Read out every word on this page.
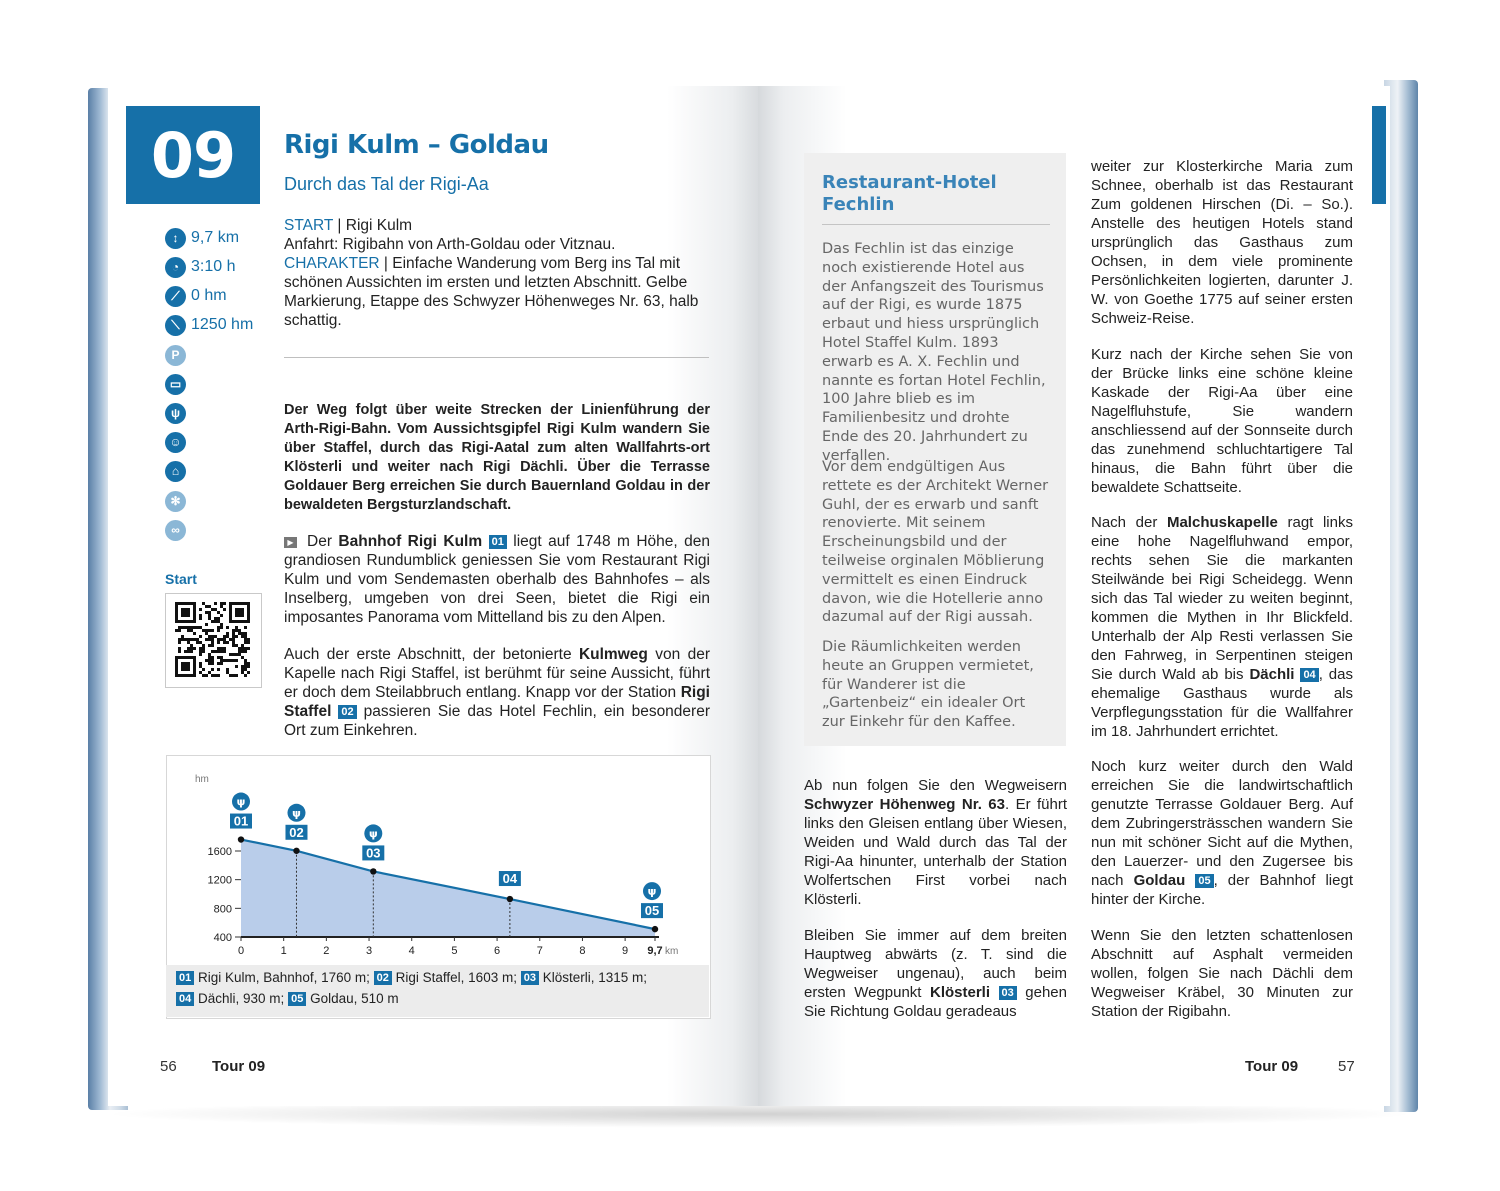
09	Rigi Kulm – Goldau
Durch das Tal der Rigi-Aa
↕ 9,7 km
◔ 3:10 h
⟋ 0 hm
⟍ 1250 hm
P
▭
ψ
☺
⌂
✻
∞
Start

START | Rigi Kulm

Anfahrt: Rigibahn von Arth-Goldau oder Vitznau.

CHARAKTER | Einfache Wanderung vom Berg ins Tal mit schönen Aussichten im ersten und letzten Abschnitt. Gelbe Markierung, Etappe des Schwyzer Höhenweges Nr. 63, halb schattig.

Der Weg folgt über weite Strecken der Linienführung der Arth-Rigi-Bahn. Vom Aussichtsgipfel Rigi Kulm wandern Sie über Staffel, durch das Rigi-Aatal zum alten Wallfahrts-ort Klösterli und weiter nach Rigi Dächli. Über die Terrasse Goldauer Berg erreichen Sie durch Bauernland Goldau in der bewaldeten Bergsturzlandschaft.
▶ Der Bahnhof Rigi Kulm 01 liegt auf 1748 m Höhe, den grandiosen Rundumblick geniessen Sie vom Restaurant Rigi Kulm und vom Sendemasten oberhalb des Bahnhofes – als Inselberg, umgeben von drei Seen, bietet die Rigi ein imposantes Panorama vom Mittelland bis zu den Alpen.
Auch der erste Abschnitt, der betonierte Kulmweg von der Kapelle nach Rigi Staffel, ist berühmt für seine Aussicht, führt er doch dem Steilabbruch entlang. Knapp vor der Station Rigi Staffel 02 passieren Sie das Hotel Fechlin, ein besonderer Ort zum Einkehren.
400
800
1200
1600
0	1	2	3	4	5	6	7	8	9 9,7 km
hm
01
ψ
02
ψ
03
ψ
04
05
ψ
01 Rigi Kulm, Bahnhof, 1760 m; 02 Rigi Staffel, 1603 m; 03 Klösterli, 1315 m;
04 Dächli, 930 m; 05 Goldau, 510 m
56 Tour 09
Restaurant-Hotel Fechlin
Das Fechlin ist das einzige noch existierende Hotel aus der Anfangszeit des Tourismus auf der Rigi, es wurde 1875 erbaut und hiess ursprünglich Hotel Staffel Kulm. 1893 erwarb es A. X. Fechlin und nannte es fortan Hotel Fechlin, 100 Jahre blieb es im Familienbesitz und drohte Ende des 20. Jahrhundert zu verfallen.
Vor dem endgültigen Aus rettete es der Architekt Werner Guhl, der es erwarb und sanft renovierte. Mit seinem Erscheinungsbild und der teilweise orginalen Möblierung vermittelt es einen Eindruck davon, wie die Hotellerie anno dazumal auf der Rigi aussah.
Die Räumlichkeiten werden heute an Gruppen vermietet, für Wanderer ist die „Gartenbeiz“ ein idealer Ort zur Einkehr für den Kaffee.
Ab nun folgen Sie den Wegweisern Schwyzer Höhenweg Nr. 63. Er führt links den Gleisen entlang über Wiesen, Weiden und Wald durch das Tal der Rigi-Aa hinunter, unterhalb der Station Wolfertschen First vorbei nach Klösterli.
Bleiben Sie immer auf dem breiten Hauptweg abwärts (z. T. sind die Wegweiser ungenau), auch beim ersten Wegpunkt Klösterli 03 gehen Sie Richtung Goldau geradeaus
weiter zur Klosterkirche Maria zum Schnee, oberhalb ist das Restaurant Zum goldenen Hirschen (Di. – So.). Anstelle des heutigen Hotels stand ursprünglich das Gasthaus zum Ochsen, in dem viele prominente Persönlichkeiten logierten, darunter J. W. von Goethe 1775 auf seiner ersten Schweiz-Reise.
Kurz nach der Kirche sehen Sie von der Brücke links eine schöne kleine Kaskade der Rigi-Aa über eine Nagelfluhstufe, Sie wandern anschliessend auf der Sonnseite durch das zunehmend schluchtartigere Tal hinaus, die Bahn führt über die bewaldete Schattseite.
Nach der Malchuskapelle ragt links eine hohe Nagelfluhwand empor, rechts sehen Sie die markanten Steilwände bei Rigi Scheidegg. Wenn sich das Tal wieder zu weiten beginnt, kommen die Mythen in Ihr Blickfeld. Unterhalb der Alp Resti verlassen Sie den Fahrweg, in Serpentinen steigen Sie durch Wald ab bis Dächli 04 , das ehemalige Gasthaus wurde als Verpflegungsstation für die Wallfahrer im 18. Jahrhundert errichtet.
Noch kurz weiter durch den Wald erreichen Sie die landwirtschaftlich genutzte Terrasse Goldauer Berg. Auf dem Zubringersträsschen wandern Sie nun mit schöner Sicht auf die Mythen, den Lauerzer- und den Zugersee bis nach Goldau 05 , der Bahnhof liegt hinter der Kirche.
Wenn Sie den letzten schattenlosen Abschnitt auf Asphalt vermeiden wollen, folgen Sie nach Dächli dem Wegweiser Kräbel, 30 Minuten zur Station der Rigibahn.
Tour 09	57
